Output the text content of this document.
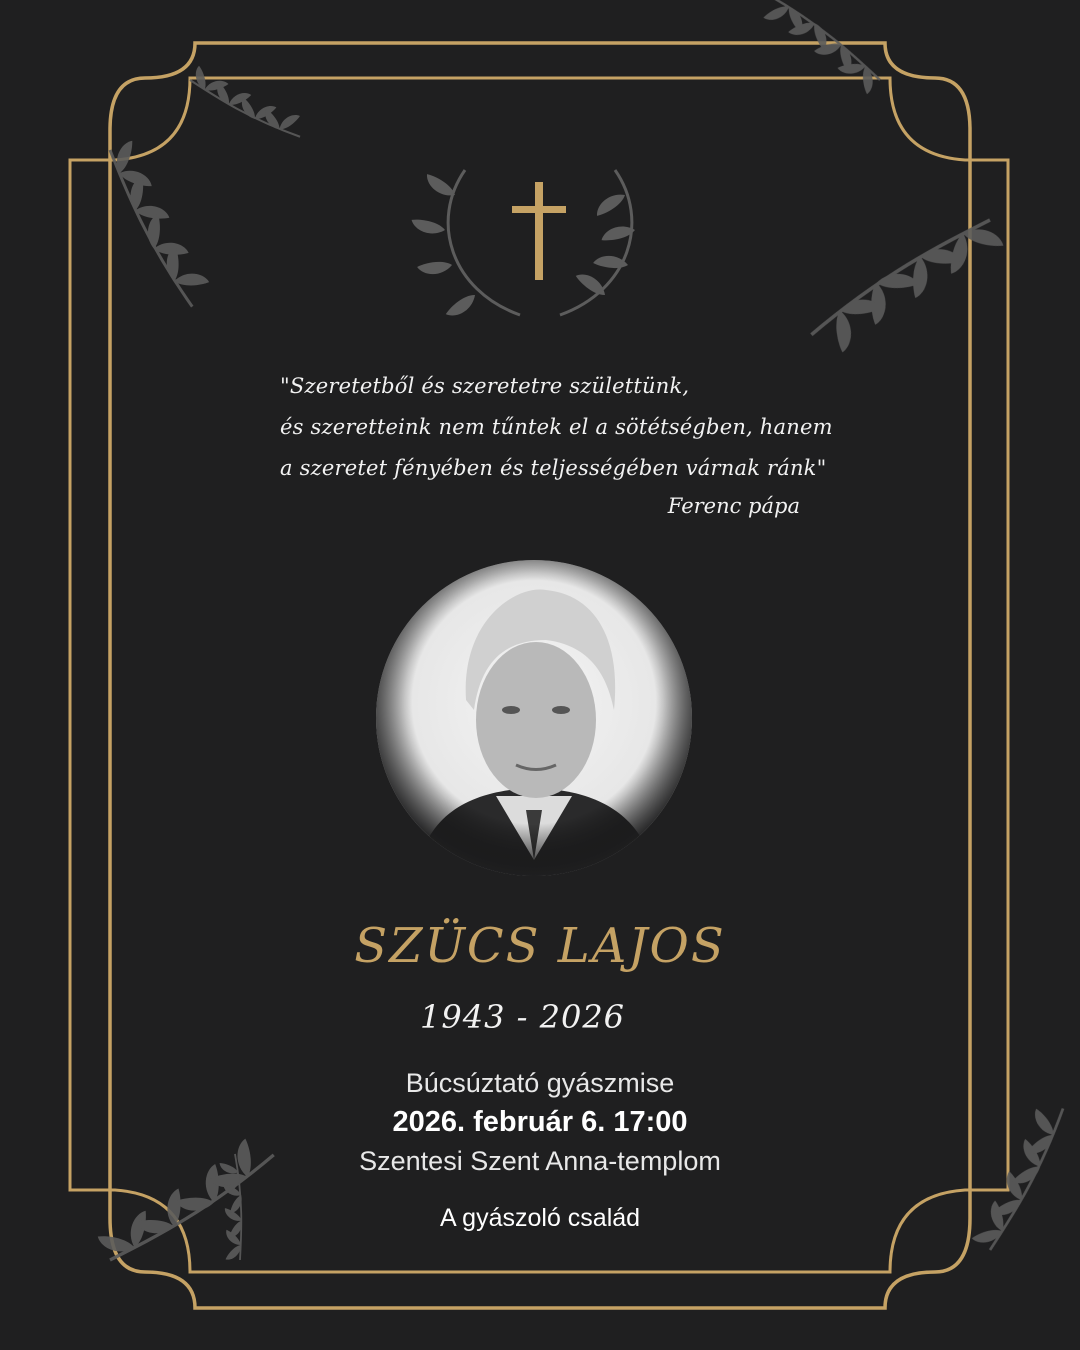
"Szeretetből és szeretetre születtünk,
és szeretteink nem tűntek el a sötétségben, hanem
a szeretet fényében és teljességében várnak ránk"
Ferenc pápa
SZÜCS LAJOS
1943 - 2026
Búcsúztató gyászmise
2026. február 6. 17:00
Szentesi Szent Anna-templom
A gyászoló család
